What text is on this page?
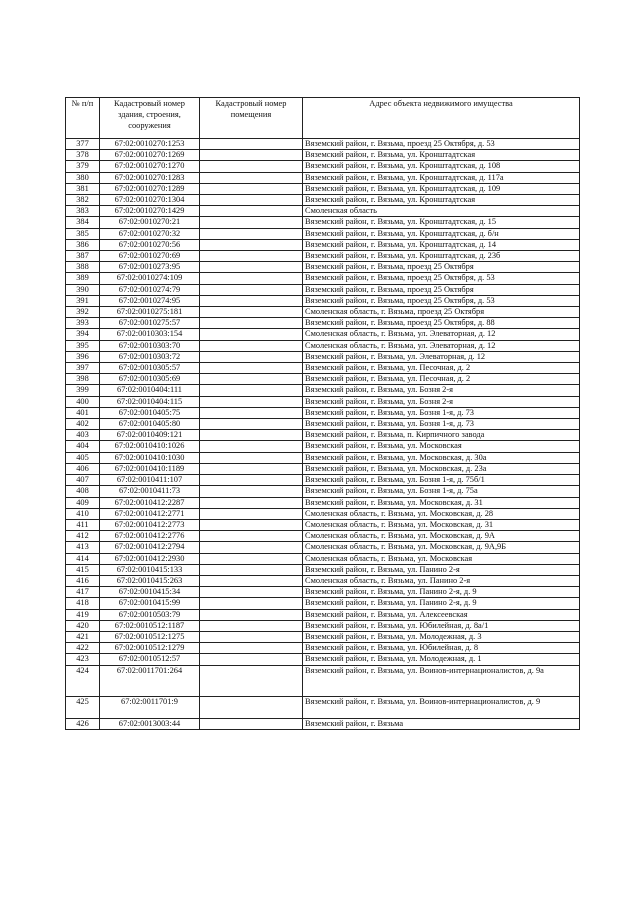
№ п/п	Кадастровый номер здания, строения, сооружения	Кадастровый номер помещения	Адрес объекта недвижимого имущества
377	67:02:0010270:1253		Вяземский район, г. Вязьма, проезд 25 Октября, д. 53
378	67:02:0010270:1269		Вяземский район, г. Вязьма, ул. Кронштадтская
379	67:02:0010270:1270		Вяземский район, г. Вязьма, ул. Кронштадтская, д. 108
380	67:02:0010270:1283		Вяземский район, г. Вязьма, ул. Кронштадтская, д. 117а
381	67:02:0010270:1289		Вяземский район, г. Вязьма, ул. Кронштадтская, д. 109
382	67:02:0010270:1304		Вяземский район, г. Вязьма, ул. Кронштадтская
383	67:02:0010270:1429		Смоленская область
384	67:02:0010270:21		Вяземский район, г. Вязьма, ул. Кронштадтская, д. 15
385	67:02:0010270:32		Вяземский район, г. Вязьма, ул. Кронштадтская, д. б/н
386	67:02:0010270:56		Вяземский район, г. Вязьма, ул. Кронштадтская, д. 14
387	67:02:0010270:69		Вяземский район, г. Вязьма, ул. Кронштадтская, д. 23б
388	67:02:0010273:95		Вяземский район, г. Вязьма, проезд 25 Октября
389	67:02:0010274:109		Вяземский район, г. Вязьма, проезд 25 Октября, д. 53
390	67:02:0010274:79		Вяземский район, г. Вязьма, проезд 25 Октября
391	67:02:0010274:95		Вяземский район, г. Вязьма, проезд 25 Октября, д. 53
392	67:02:0010275:181		Смоленская область, г. Вязьма, проезд 25 Октября
393	67:02:0010275:57		Вяземский район, г. Вязьма, проезд 25 Октября, д. 88
394	67:02:0010303:154		Смоленская область, г. Вязьма, ул. Элеваторная, д. 12
395	67:02:0010303:70		Смоленская область, г. Вязьма, ул. Элеваторная, д. 12
396	67:02:0010303:72		Вяземский район, г. Вязьма, ул. Элеваторная, д. 12
397	67:02:0010305:57		Вяземский район, г. Вязьма, ул. Песочная, д. 2
398	67:02:0010305:69		Вяземский район, г. Вязьма, ул. Песочная, д. 2
399	67:02:0010404:111		Вяземский район, г. Вязьма, ул. Бозня 2-я
400	67:02:0010404:115		Вяземский район, г. Вязьма, ул. Бозня 2-я
401	67:02:0010405:75		Вяземский район, г. Вязьма, ул. Бозня 1-я, д. 73
402	67:02:0010405:80		Вяземский район, г. Вязьма, ул. Бозня 1-я, д. 73
403	67:02:0010409:121		Вяземский район, г. Вязьма, п. Кирпичного завода
404	67:02:0010410:1026		Вяземский район, г. Вязьма, ул. Московская
405	67:02:0010410:1030		Вяземский район, г. Вязьма, ул. Московская, д. 30а
406	67:02:0010410:1189		Вяземский район, г. Вязьма, ул. Московская, д. 23а
407	67:02:0010411:107		Вяземский район, г. Вязьма, ул. Бозня 1-я, д. 75б/1
408	67:02:0010411:73		Вяземский район, г. Вязьма, ул. Бозня 1-я, д. 75а
409	67:02:0010412:2287		Вяземский район, г. Вязьма, ул. Московская, д. 31
410	67:02:0010412:2771		Смоленская область, г. Вязьма, ул. Московская, д. 28
411	67:02:0010412:2773		Смоленская область, г. Вязьма, ул. Московская, д. 31
412	67:02:0010412:2776		Смоленская область, г. Вязьма, ул. Московская, д. 9А
413	67:02:0010412:2794		Смоленская область, г. Вязьма, ул. Московская, д. 9А,9Б
414	67:02:0010412:2930		Смоленская область, г. Вязьма, ул. Московская
415	67:02:0010415:133		Вяземский район, г. Вязьма, ул. Панино 2-я
416	67:02:0010415:263		Смоленская область, г. Вязьма, ул. Панино 2-я
417	67:02:0010415:34		Вяземский район, г. Вязьма, ул. Панино 2-я, д. 9
418	67:02:0010415:99		Вяземский район, г. Вязьма, ул. Панино 2-я, д. 9
419	67:02:0010503:79		Вяземский район, г. Вязьма, ул. Алексеевская
420	67:02:0010512:1187		Вяземский район, г. Вязьма, ул. Юбилейная, д. 8а/1
421	67:02:0010512:1275		Вяземский район, г. Вязьма, ул. Молодежная, д. 3
422	67:02:0010512:1279		Вяземский район, г. Вязьма, ул. Юбилейная, д. 8
423	67:02:0010512:57		Вяземский район, г. Вязьма, ул. Молодежная, д. 1
424	67:02:0011701:264		Вяземский район, г. Вязьма, ул. Воинов-интернационалистов, д. 9а
425	67:02:0011701:9		Вяземский район, г. Вязьма, ул. Воинов-интернационалистов, д. 9
426	67:02:0013003:44		Вяземский район, г. Вязьма
